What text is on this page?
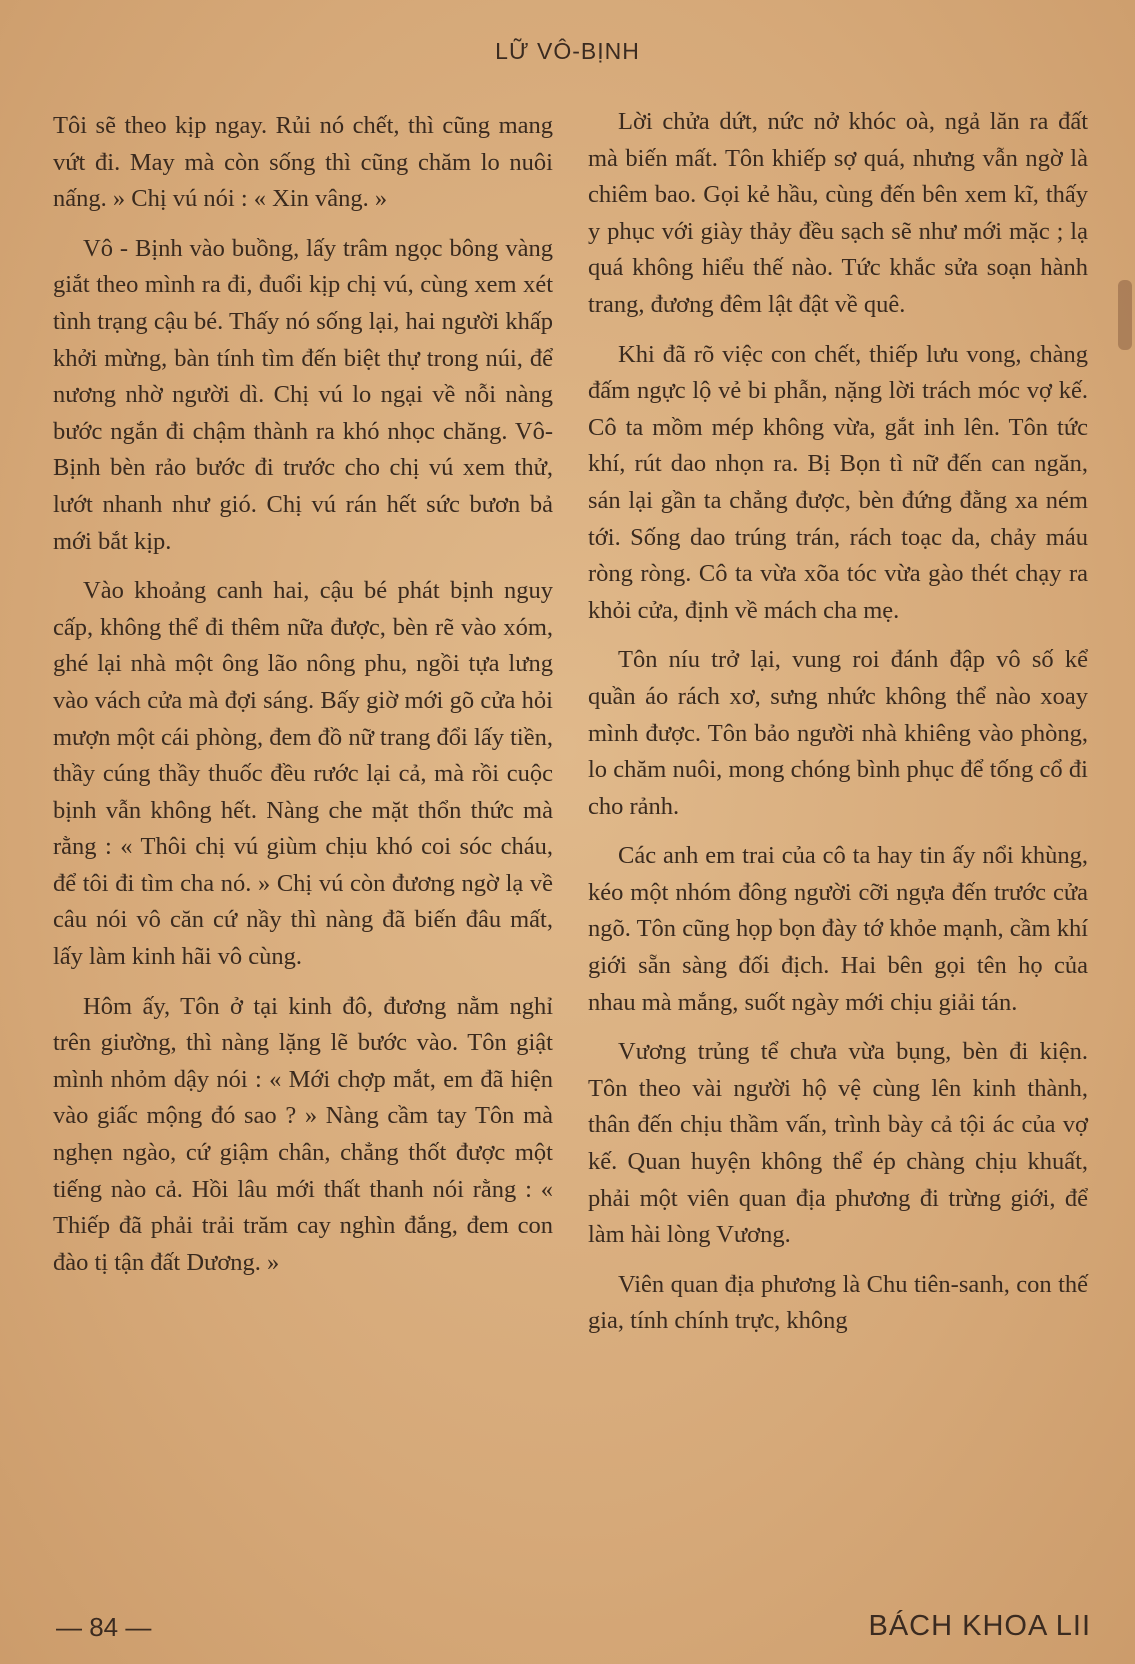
LỮ VÔ-BỊNH

Tôi sẽ theo kịp ngay. Rủi nó chết, thì cũng mang vứt đi. May mà còn sống thì cũng chăm lo nuôi nấng. » Chị vú nói : « Xin vâng. »

Vô - Bịnh vào buồng, lấy trâm ngọc bông vàng giắt theo mình ra đi, đuổi kịp chị vú, cùng xem xét tình trạng cậu bé. Thấy nó sống lại, hai người khấp khởi mừng, bàn tính tìm đến biệt thự trong núi, để nương nhờ người dì. Chị vú lo ngại về nỗi nàng bước ngắn đi chậm thành ra khó nhọc chăng. Vô-Bịnh bèn rảo bước đi trước cho chị vú xem thử, lướt nhanh như gió. Chị vú rán hết sức bươn bả mới bắt kịp.

Vào khoảng canh hai, cậu bé phát bịnh nguy cấp, không thể đi thêm nữa được, bèn rẽ vào xóm, ghé lại nhà một ông lão nông phu, ngồi tựa lưng vào vách cửa mà đợi sáng. Bấy giờ mới gõ cửa hỏi mượn một cái phòng, đem đồ nữ trang đổi lấy tiền, thầy cúng thầy thuốc đều rước lại cả, mà rồi cuộc bịnh vẫn không hết. Nàng che mặt thổn thức mà rằng : « Thôi chị vú giùm chịu khó coi sóc cháu, để tôi đi tìm cha nó. » Chị vú còn đương ngờ lạ về câu nói vô căn cứ nầy thì nàng đã biến đâu mất, lấy làm kinh hãi vô cùng.

Hôm ấy, Tôn ở tại kinh đô, đương nằm nghỉ trên giường, thì nàng lặng lẽ bước vào. Tôn giật mình nhỏm dậy nói : « Mới chợp mắt, em đã hiện vào giấc mộng đó sao ? » Nàng cầm tay Tôn mà nghẹn ngào, cứ giậm chân, chẳng thốt được một tiếng nào cả. Hồi lâu mới thất thanh nói rằng : « Thiếp đã phải trải trăm cay nghìn đắng, đem con đào tị tận đất Dương. »

Lời chửa dứt, nức nở khóc oà, ngả lăn ra đất mà biến mất. Tôn khiếp sợ quá, nhưng vẫn ngờ là chiêm bao. Gọi kẻ hầu, cùng đến bên xem kĩ, thấy y phục với giày thảy đều sạch sẽ như mới mặc ; lạ quá không hiểu thế nào. Tức khắc sửa soạn hành trang, đương đêm lật đật về quê.

Khi đã rõ việc con chết, thiếp lưu vong, chàng đấm ngực lộ vẻ bi phẫn, nặng lời trách móc vợ kế. Cô ta mồm mép không vừa, gắt inh lên. Tôn tức khí, rút dao nhọn ra. Bị Bọn tì nữ đến can ngăn, sán lại gần ta chẳng được, bèn đứng đằng xa ném tới. Sống dao trúng trán, rách toạc da, chảy máu ròng ròng. Cô ta vừa xõa tóc vừa gào thét chạy ra khỏi cửa, định về mách cha mẹ.

Tôn níu trở lại, vung roi đánh đập vô số kể quần áo rách xơ, sưng nhức không thể nào xoay mình được. Tôn bảo người nhà khiêng vào phòng, lo chăm nuôi, mong chóng bình phục để tống cổ đi cho rảnh.

Các anh em trai của cô ta hay tin ấy nổi khùng, kéo một nhóm đông người cỡi ngựa đến trước cửa ngõ. Tôn cũng họp bọn đày tớ khỏe mạnh, cầm khí giới sẵn sàng đối địch. Hai bên gọi tên họ của nhau mà mắng, suốt ngày mới chịu giải tán.

Vương trủng tể chưa vừa bụng, bèn đi kiện. Tôn theo vài người hộ vệ cùng lên kinh thành, thân đến chịu thầm vấn, trình bày cả tội ác của vợ kế. Quan huyện không thể ép chàng chịu khuất, phải một viên quan địa phương đi trừng giới, để làm hài lòng Vương.

Viên quan địa phương là Chu tiên-sanh, con thế gia, tính chính trực, không

— 84 —	BÁCH KHOA LII
